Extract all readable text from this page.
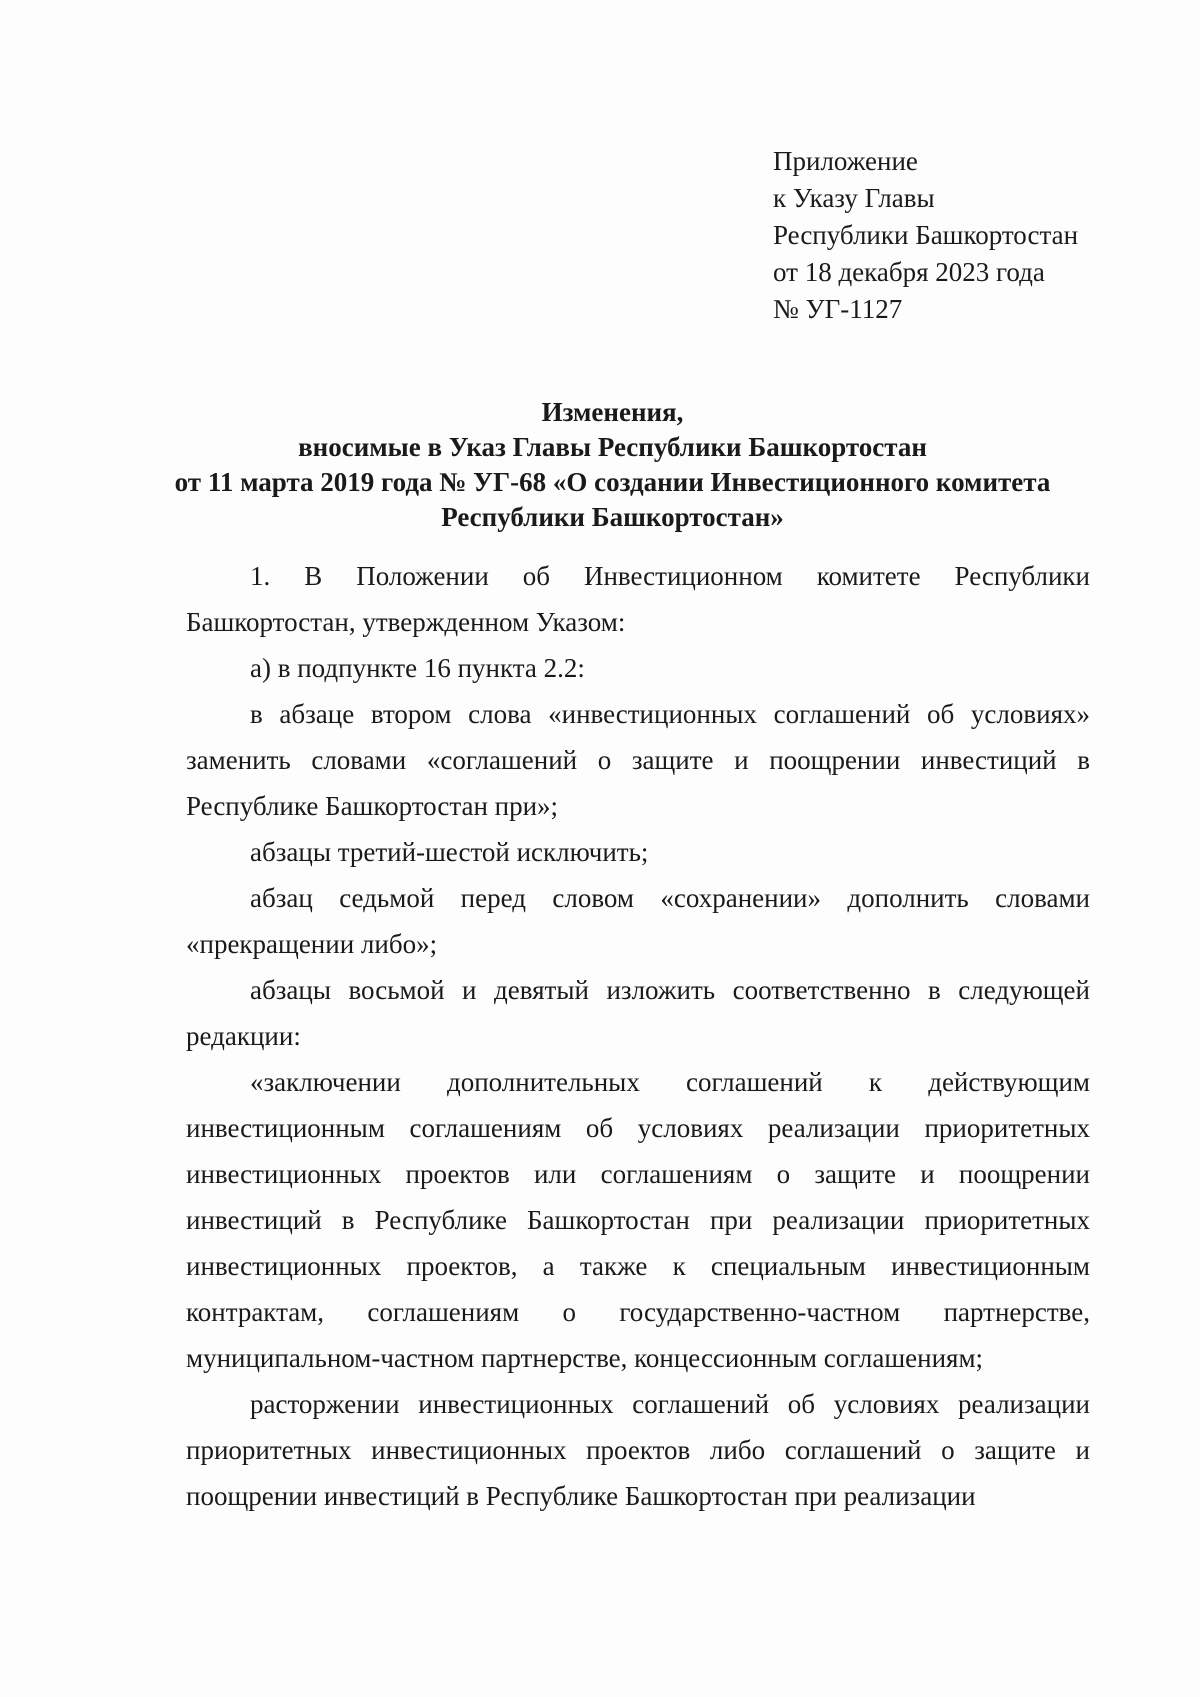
Приложение
к Указу Главы
Республики Башкортостан
от 18 декабря 2023 года
№ УГ-1127
Изменения,
вносимые в Указ Главы Республики Башкортостан
от 11 марта 2019 года № УГ-68 «О создании Инвестиционного комитета
Республики Башкортостан»

1. В Положении об Инвестиционном комитете Республики Башкортостан, утвержденном Указом:

а) в подпункте 16 пункта 2.2:

в абзаце втором слова «инвестиционных соглашений об условиях» заменить словами «соглашений о защите и поощрении инвестиций в Республике Башкортостан при»;

абзацы третий-шестой исключить;

абзац седьмой перед словом «сохранении» дополнить словами «прекращении либо»;

абзацы восьмой и девятый изложить соответственно в следующей редакции:

«заключении дополнительных соглашений к действующим инвестиционным соглашениям об условиях реализации приоритетных инвестиционных проектов или соглашениям о защите и поощрении инвестиций в Республике Башкортостан при реализации приоритетных инвестиционных проектов, а также к специальным инвестиционным контрактам, соглашениям о государственно-частном партнерстве, муниципальном-частном партнерстве, концессионным соглашениям;

расторжении инвестиционных соглашений об условиях реализации приоритетных инвестиционных проектов либо соглашений о защите и поощрении инвестиций в Республике Башкортостан при реализации
